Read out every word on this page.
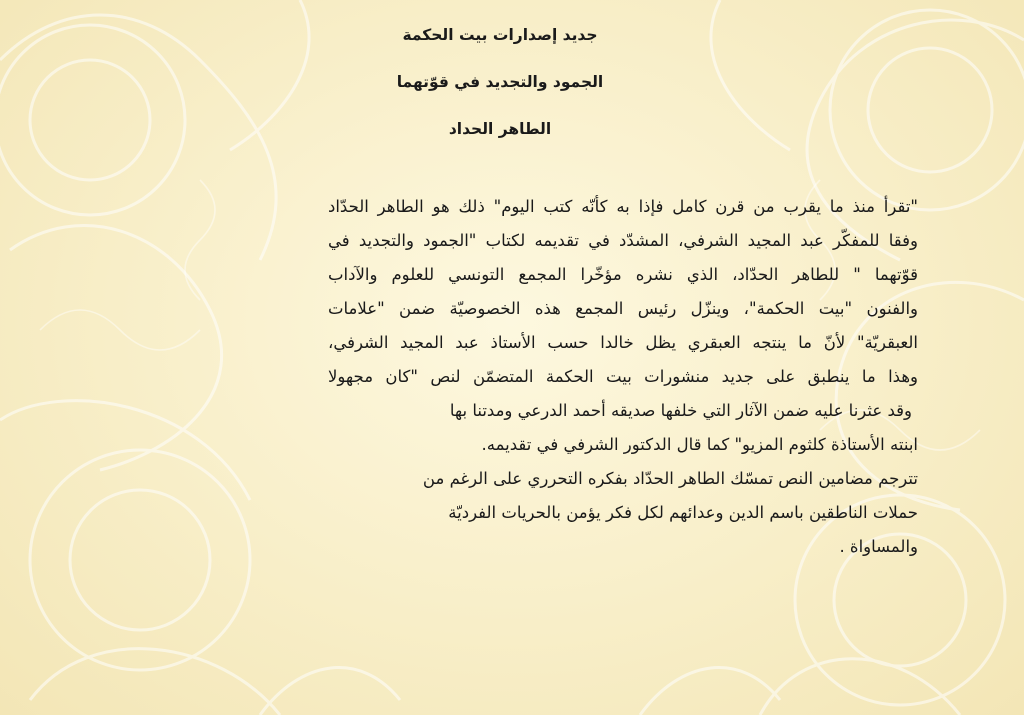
جديد إصدارات بيت الحكمة
الجمود والتجديد في قوّتهما
الطاهر الحداد
"تقرأ منذ ما يقرب من قرن كامل فإذا به كأنّه كتب اليوم" ذلك هو الطاهر الحدّاد
وفقا للمفكّر عبد المجيد الشرفي، المشدّد في تقديمه لكتاب "الجمود والتجديد في
قوّتهما " للطاهر الحدّاد، الذي نشره مؤخّرا المجمع التونسي للعلوم والآداب
والفنون "بيت الحكمة"، وينزّل رئيس المجمع هذه الخصوصيّة ضمن "علامات
العبقريّة" لأنّ ما ينتجه العبقري يظل خالدا حسب الأستاذ عبد المجيد الشرفي،
وهذا ما ينطبق على جديد منشورات بيت الحكمة المتضمّن لنص "كان مجهولا
وقد عثرنا عليه ضمن الآثار التي خلفها صديقه أحمد الدرعي ومدتنا بها
ابنته الأستاذة كلثوم المزيو" كما قال الدكتور الشرفي في تقديمه.
تترجم مضامين النص تمسّك الطاهر الحدّاد بفكره التحرري على الرغم من
حملات الناطقين باسم الدين وعدائهم لكل فكر يؤمن بالحريات الفرديّة
والمساواة .
